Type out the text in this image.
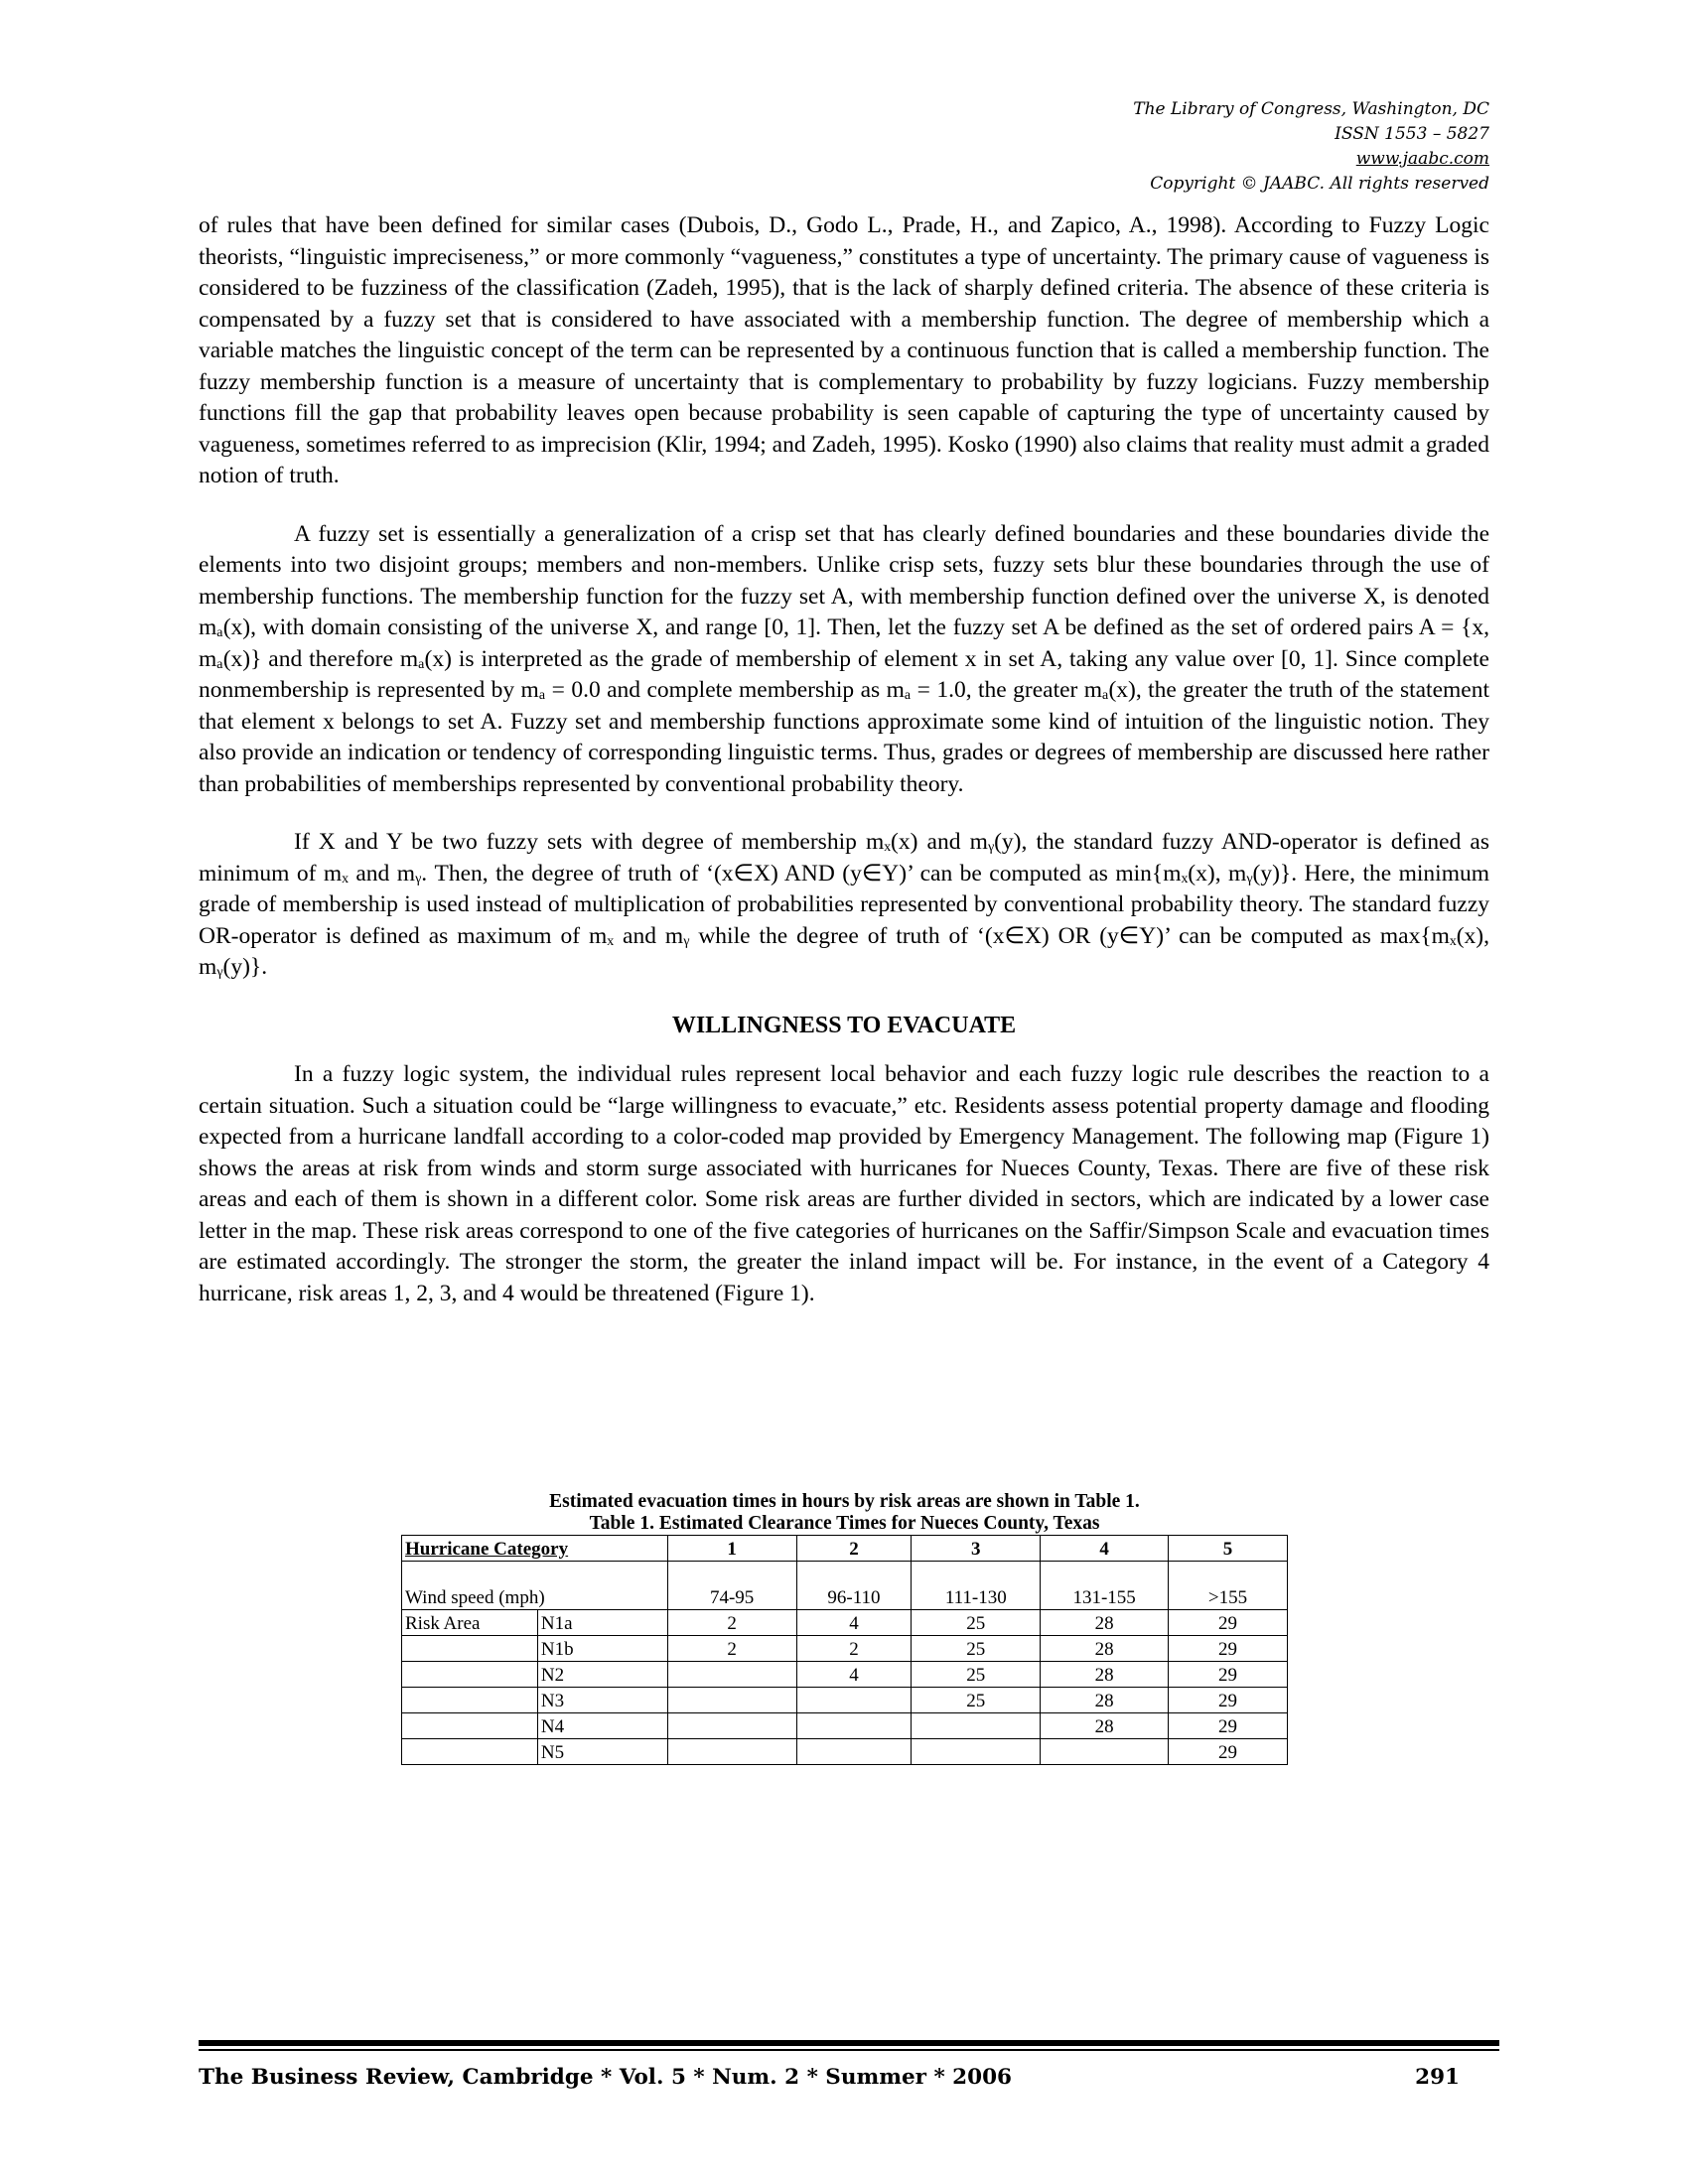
The Library of Congress, Washington, DC
ISSN 1553 – 5827
www.jaabc.com
Copyright © JAABC. All rights reserved

of rules that have been defined for similar cases (Dubois, D., Godo L., Prade, H., and Zapico, A., 1998). According to Fuzzy Logic theorists, “linguistic impreciseness,” or more commonly “vagueness,” constitutes a type of uncertainty. The primary cause of vagueness is considered to be fuzziness of the classification (Zadeh, 1995), that is the lack of sharply defined criteria. The absence of these criteria is compensated by a fuzzy set that is considered to have associated with a membership function. The degree of membership which a variable matches the linguistic concept of the term can be represented by a continuous function that is called a membership function. The fuzzy membership function is a measure of uncertainty that is complementary to probability by fuzzy logicians. Fuzzy membership functions fill the gap that probability leaves open because probability is seen capable of capturing the type of uncertainty caused by vagueness, sometimes referred to as imprecision (Klir, 1994; and Zadeh, 1995). Kosko (1990) also claims that reality must admit a graded notion of truth.

A fuzzy set is essentially a generalization of a crisp set that has clearly defined boundaries and these boundaries divide the elements into two disjoint groups; members and non-members. Unlike crisp sets, fuzzy sets blur these boundaries through the use of membership functions. The membership function for the fuzzy set A, with membership function defined over the universe X, is denoted mₐ(x), with domain consisting of the universe X, and range [0, 1]. Then, let the fuzzy set A be defined as the set of ordered pairs A = {x, mₐ(x)} and therefore mₐ(x) is interpreted as the grade of membership of element x in set A, taking any value over [0, 1]. Since complete nonmembership is represented by mₐ = 0.0 and complete membership as mₐ = 1.0, the greater mₐ(x), the greater the truth of the statement that element x belongs to set A. Fuzzy set and membership functions approximate some kind of intuition of the linguistic notion. They also provide an indication or tendency of corresponding linguistic terms. Thus, grades or degrees of membership are discussed here rather than probabilities of memberships represented by conventional probability theory.

If X and Y be two fuzzy sets with degree of membership mₓ(x) and mᵧ(y), the standard fuzzy AND-operator is defined as minimum of mₓ and mᵧ. Then, the degree of truth of ‘(x∈X) AND (y∈Y)’ can be computed as min{mₓ(x), mᵧ(y)}. Here, the minimum grade of membership is used instead of multiplication of probabilities represented by conventional probability theory. The standard fuzzy OR-operator is defined as maximum of mₓ and mᵧ while the degree of truth of ‘(x∈X) OR (y∈Y)’ can be computed as max{mₓ(x), mᵧ(y)}.

WILLINGNESS TO EVACUATE

In a fuzzy logic system, the individual rules represent local behavior and each fuzzy logic rule describes the reaction to a certain situation. Such a situation could be “large willingness to evacuate,” etc. Residents assess potential property damage and flooding expected from a hurricane landfall according to a color-coded map provided by Emergency Management. The following map (Figure 1) shows the areas at risk from winds and storm surge associated with hurricanes for Nueces County, Texas. There are five of these risk areas and each of them is shown in a different color. Some risk areas are further divided in sectors, which are indicated by a lower case letter in the map. These risk areas correspond to one of the five categories of hurricanes on the Saffir/Simpson Scale and evacuation times are estimated accordingly. The stronger the storm, the greater the inland impact will be. For instance, in the event of a Category 4 hurricane, risk areas 1, 2, 3, and 4 would be threatened (Figure 1).

Estimated evacuation times in hours by risk areas are shown in Table 1.
Table 1. Estimated Clearance Times for Nueces County, Texas
Hurricane Category		1	2	3	4	5
Wind speed (mph)		74-95	96-110	111-130	131-155	>155
Risk Area	N1a	2	4	25	28	29
	N1b	2	2	25	28	29
	N2		4	25	28	29
	N3			25	28	29
	N4				28	29
	N5					29
The Business Review, Cambridge * Vol. 5 * Num. 2 * Summer * 2006	291
